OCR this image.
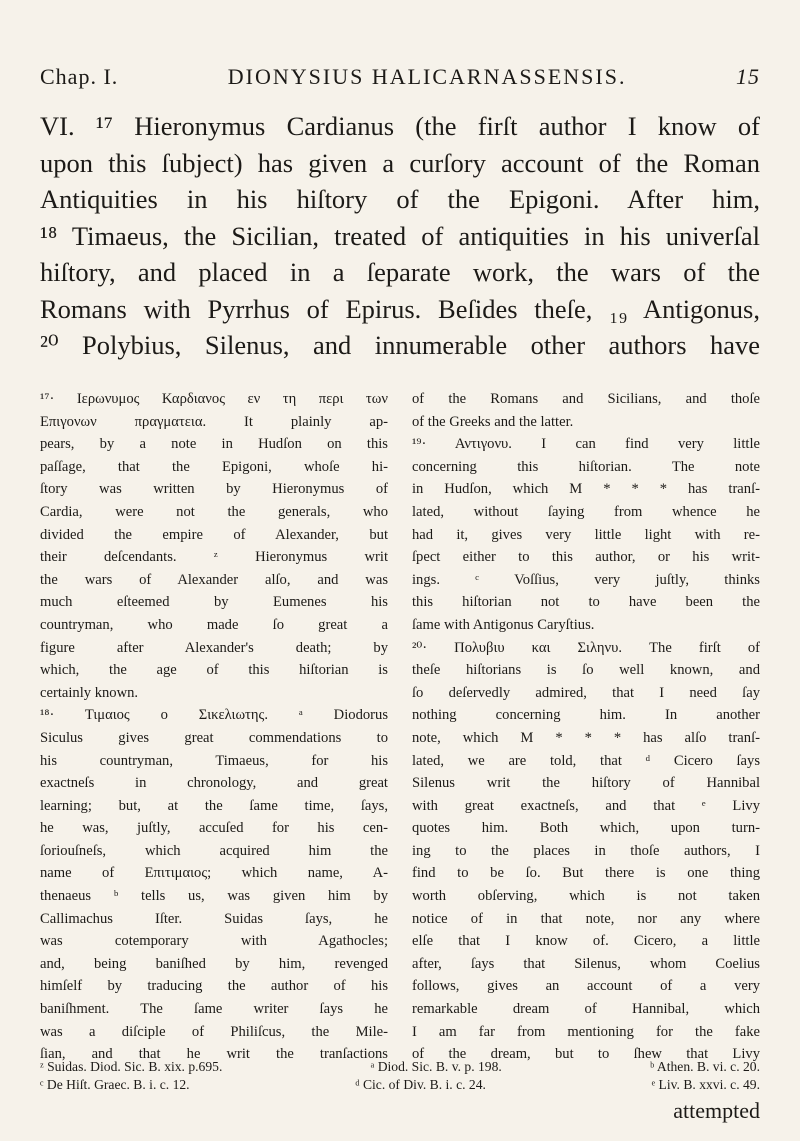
Chap. I.	DIONYSIUS HALICARNASSENSIS.	15
VI. ¹⁷ Hieronymus Cardianus (the firſt author I know of
upon this ſubject) has given a curſory account of the Roman
Antiquities in his hiſtory of the Epigoni. After him,
¹⁸ Timaeus, the Sicilian, treated of antiquities in his univerſal
hiſtory, and placed in a ſeparate work, the wars of the
Romans with Pyrrhus of Epirus. Beſides theſe, ₁₉ Antigonus,
²⁰ Polybius, Silenus, and innumerable other authors have
¹⁷· Ιερωνυμος Καρδιανος εν τη περι των
Επιγονων πραγματεια. It plainly ap-
pears, by a note in Hudſon on this
paſſage, that the Epigoni, whoſe hi-
ſtory was written by Hieronymus of
Cardia, were not the generals, who
divided the empire of Alexander, but
their deſcendants. ᶻ Hieronymus writ
the wars of Alexander alſo, and was
much eſteemed by Eumenes his
countryman, who made ſo great a
figure after Alexander's death; by
which, the age of this hiſtorian is
certainly known.
¹⁸· Τιμαιος ο Σικελιωτης. ᵃ Diodorus
Siculus gives great commendations to
his countryman, Timaeus, for his
exactneſs in chronology, and great
learning; but, at the ſame time, ſays,
he was, juſtly, accuſed for his cen-
ſoriouſneſs, which acquired him the
name of Επιτιμαιος; which name, A-
thenaeus ᵇ tells us, was given him by
Callimachus Iſter. Suidas ſays, he
was cotemporary with Agathocles;
and, being baniſhed by him, revenged
himſelf by traducing the author of his
baniſhment. The ſame writer ſays he
was a diſciple of Philiſcus, the Mile-
ſian, and that he writ the tranſactions
of the Romans and Sicilians, and thoſe
of the Greeks and the latter.
¹⁹· Αντιγονυ. I can find very little
concerning this hiſtorian. The note
in Hudſon, which M * * * has tranſ-
lated, without ſaying from whence he
had it, gives very little light with re-
ſpect either to this author, or his writ-
ings. ᶜ Voſſius, very juſtly, thinks
this hiſtorian not to have been the
ſame with Antigonus Caryſtius.
²⁰· Πολυβιυ και Σιληνυ. The firſt of
theſe hiſtorians is ſo well known, and
ſo deſervedly admired, that I need ſay
nothing concerning him. In another
note, which M * * * has alſo tranſ-
lated, we are told, that ᵈ Cicero ſays
Silenus writ the hiſtory of Hannibal
with great exactneſs, and that ᵉ Livy
quotes him. Both which, upon turn-
ing to the places in thoſe authors, I
find to be ſo. But there is one thing
worth obſerving, which is not taken
notice of in that note, nor any where
elſe that I know of. Cicero, a little
after, ſays that Silenus, whom Coelius
follows, gives an account of a very
remarkable dream of Hannibal, which
I am far from mentioning for the fake
of the dream, but to ſhew that Livy
ᶻ Suidas. Diod. Sic. B. xix. p.695.	ᵃ Diod. Sic. B. v. p. 198.	ᵇ Athen. B. vi. c. 20.
ᶜ De Hiſt. Graec. B. i. c. 12.	ᵈ Cic. of Div. B. i. c. 24.	ᵉ Liv. B. xxvi. c. 49.
attempted
